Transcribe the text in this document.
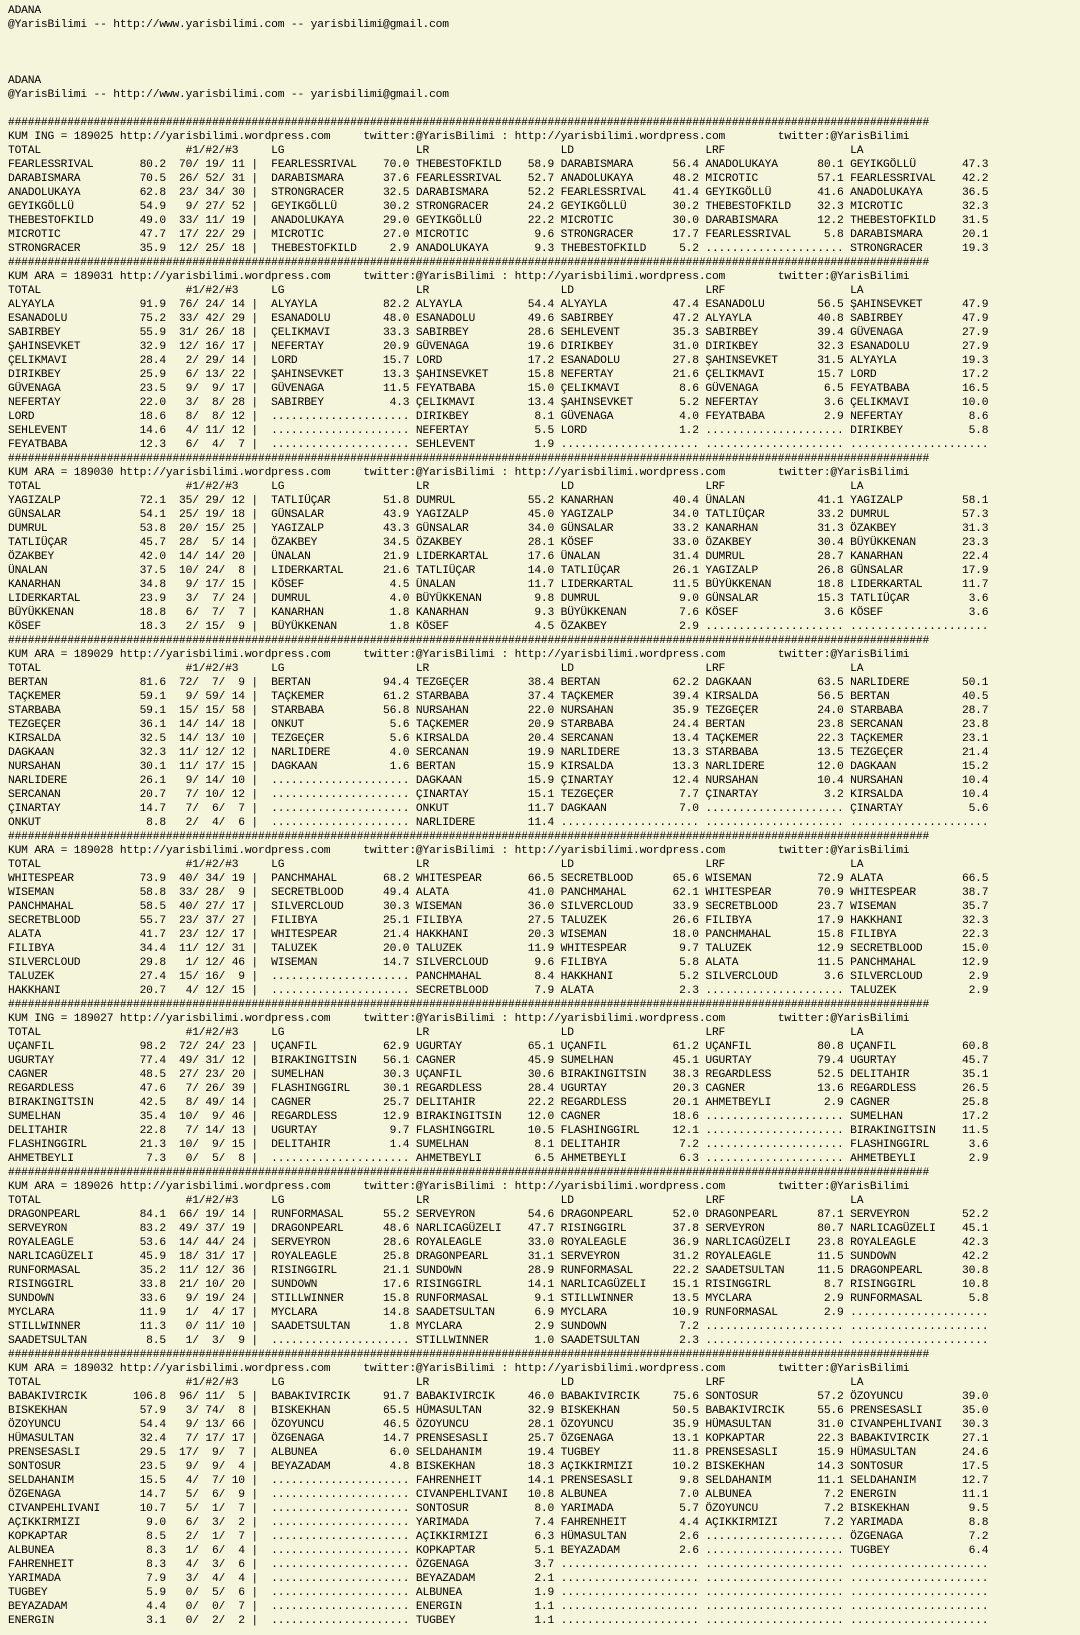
ADANA
@YarisBilimi -- http://www.yarisbilimi.com -- yarisbilimi@gmail.com

ADANA
@YarisBilimi -- http://www.yarisbilimi.com -- yarisbilimi@gmail.com

############################################################################################################################################
KUM ING = 189025 http://yarisbilimi.wordpress.com     twitter:@YarisBilimi : http://yarisbilimi.wordpress.com        twitter:@YarisBilimi
TOTAL                      #1/#2/#3     LG                    LR                    LD                    LRF                   LA
FEARLESSRIVAL       80.2  70/ 19/ 11 |  FEARLESSRIVAL    70.0 THEBESTOFKILD    58.9 DARABISMARA      56.4 ANADOLUKAYA      80.1 GEYIKGÖLLÜ       47.3
DARABISMARA         70.5  26/ 52/ 31 |  DARABISMARA      37.6 FEARLESSRIVAL    52.7 ANADOLUKAYA      48.2 MICROTIC         57.1 FEARLESSRIVAL    42.2
ANADOLUKAYA         62.8  23/ 34/ 30 |  STRONGRACER      32.5 DARABISMARA      52.2 FEARLESSRIVAL    41.4 GEYIKGÖLLÜ       41.6 ANADOLUKAYA      36.5
GEYIKGÖLLÜ          54.9   9/ 27/ 52 |  GEYIKGÖLLÜ       30.2 STRONGRACER      24.2 GEYIKGÖLLÜ       30.2 THEBESTOFKILD    32.3 MICROTIC         32.3
THEBESTOFKILD       49.0  33/ 11/ 19 |  ANADOLUKAYA      29.0 GEYIKGÖLLÜ       22.2 MICROTIC         30.0 DARABISMARA      12.2 THEBESTOFKILD    31.5
MICROTIC            47.7  17/ 22/ 29 |  MICROTIC         27.0 MICROTIC          9.6 STRONGRACER      17.7 FEARLESSRIVAL     5.8 DARABISMARA      20.1
STRONGRACER         35.9  12/ 25/ 18 |  THEBESTOFKILD     2.9 ANADOLUKAYA       9.3 THEBESTOFKILD     5.2 ..................... STRONGRACER      19.3
############################################################################################################################################
KUM ARA = 189031 http://yarisbilimi.wordpress.com     twitter:@YarisBilimi : http://yarisbilimi.wordpress.com        twitter:@YarisBilimi
TOTAL                      #1/#2/#3     LG                    LR                    LD                    LRF                   LA
ALYAYLA             91.9  76/ 24/ 14 |  ALYAYLA          82.2 ALYAYLA          54.4 ALYAYLA          47.4 ESANADOLU        56.5 ŞAHINSEVKET      47.9
ESANADOLU           75.2  33/ 42/ 29 |  ESANADOLU        48.0 ESANADOLU        49.6 SABIRBEY         47.2 ALYAYLA          40.8 SABIRBEY         47.9
SABIRBEY            55.9  31/ 26/ 18 |  ÇELIKMAVI        33.3 SABIRBEY         28.6 SEHLEVENT        35.3 SABIRBEY         39.4 GÜVENAGA         27.9
ŞAHINSEVKET         32.9  12/ 16/ 17 |  NEFERTAY         20.9 GÜVENAGA         19.6 DIRIKBEY         31.0 DIRIKBEY         32.3 ESANADOLU        27.9
ÇELIKMAVI           28.4   2/ 29/ 14 |  LORD             15.7 LORD             17.2 ESANADOLU        27.8 ŞAHINSEVKET      31.5 ALYAYLA          19.3
DIRIKBEY            25.9   6/ 13/ 22 |  ŞAHINSEVKET      13.3 ŞAHINSEVKET      15.8 NEFERTAY         21.6 ÇELIKMAVI        15.7 LORD             17.2
GÜVENAGA            23.5   9/  9/ 17 |  GÜVENAGA         11.5 FEYATBABA        15.0 ÇELIKMAVI         8.6 GÜVENAGA          6.5 FEYATBABA        16.5
NEFERTAY            22.0   3/  8/ 28 |  SABIRBEY          4.3 ÇELIKMAVI        13.4 ŞAHINSEVKET       5.2 NEFERTAY          3.6 ÇELIKMAVI        10.0
LORD                18.6   8/  8/ 12 |  ..................... DIRIKBEY          8.1 GÜVENAGA          4.0 FEYATBABA         2.9 NEFERTAY          8.6
SEHLEVENT           14.6   4/ 11/ 12 |  ..................... NEFERTAY          5.5 LORD              1.2 ..................... DIRIKBEY          5.8
FEYATBABA           12.3   6/  4/  7 |  ..................... SEHLEVENT         1.9 ..................... ..................... .....................
############################################################################################################################################
KUM ARA = 189030 http://yarisbilimi.wordpress.com     twitter:@YarisBilimi : http://yarisbilimi.wordpress.com        twitter:@YarisBilimi
TOTAL                      #1/#2/#3     LG                    LR                    LD                    LRF                   LA
YAGIZALP            72.1  35/ 29/ 12 |  TATLIÜÇAR        51.8 DUMRUL           55.2 KANARHAN         40.4 ÜNALAN           41.1 YAGIZALP         58.1
GÜNSALAR            54.1  25/ 19/ 18 |  GÜNSALAR         43.9 YAGIZALP         45.0 YAGIZALP         34.0 TATLIÜÇAR        33.2 DUMRUL           57.3
DUMRUL              53.8  20/ 15/ 25 |  YAGIZALP         43.3 GÜNSALAR         34.0 GÜNSALAR         33.2 KANARHAN         31.3 ÖZAKBEY          31.3
TATLIÜÇAR           45.7  28/  5/ 14 |  ÖZAKBEY          34.5 ÖZAKBEY          28.1 KÖSEF            33.0 ÖZAKBEY          30.4 BÜYÜKKENAN       23.3
ÖZAKBEY             42.0  14/ 14/ 20 |  ÜNALAN           21.9 LIDERKARTAL      17.6 ÜNALAN           31.4 DUMRUL           28.7 KANARHAN         22.4
ÜNALAN              37.5  10/ 24/  8 |  LIDERKARTAL      21.6 TATLIÜÇAR        14.0 TATLIÜÇAR        26.1 YAGIZALP         26.8 GÜNSALAR         17.9
KANARHAN            34.8   9/ 17/ 15 |  KÖSEF             4.5 ÜNALAN           11.7 LIDERKARTAL      11.5 BÜYÜKKENAN       18.8 LIDERKARTAL      11.7
LIDERKARTAL         23.9   3/  7/ 24 |  DUMRUL            4.0 BÜYÜKKENAN        9.8 DUMRUL            9.0 GÜNSALAR         15.3 TATLIÜÇAR         3.6
BÜYÜKKENAN          18.8   6/  7/  7 |  KANARHAN          1.8 KANARHAN          9.3 BÜYÜKKENAN        7.6 KÖSEF             3.6 KÖSEF             3.6
KÖSEF               18.3   2/ 15/  9 |  BÜYÜKKENAN        1.8 KÖSEF             4.5 ÖZAKBEY           2.9 ..................... .....................
############################################################################################################################################
KUM ARA = 189029 http://yarisbilimi.wordpress.com     twitter:@YarisBilimi : http://yarisbilimi.wordpress.com        twitter:@YarisBilimi
TOTAL                      #1/#2/#3     LG                    LR                    LD                    LRF                   LA
BERTAN              81.6  72/  7/  9 |  BERTAN           94.4 TEZGEÇER         38.4 BERTAN           62.2 DAGKAAN          63.5 NARLIDERE        50.1
TAÇKEMER            59.1   9/ 59/ 14 |  TAÇKEMER         61.2 STARBABA         37.4 TAÇKEMER         39.4 KIRSALDA         56.5 BERTAN           40.5
STARBABA            59.1  15/ 15/ 58 |  STARBABA         56.8 NURSAHAN         22.0 NURSAHAN         35.9 TEZGEÇER         24.0 STARBABA         28.7
TEZGEÇER            36.1  14/ 14/ 18 |  ONKUT             5.6 TAÇKEMER         20.9 STARBABA         24.4 BERTAN           23.8 SERCANAN         23.8
KIRSALDA            32.5  14/ 13/ 10 |  TEZGEÇER          5.6 KIRSALDA         20.4 SERCANAN         13.4 TAÇKEMER         22.3 TAÇKEMER         23.1
DAGKAAN             32.3  11/ 12/ 12 |  NARLIDERE         4.0 SERCANAN         19.9 NARLIDERE        13.3 STARBABA         13.5 TEZGEÇER         21.4
NURSAHAN            30.1  11/ 17/ 15 |  DAGKAAN           1.6 BERTAN           15.9 KIRSALDA         13.3 NARLIDERE        12.0 DAGKAAN          15.2
NARLIDERE           26.1   9/ 14/ 10 |  ..................... DAGKAAN          15.9 ÇINARTAY         12.4 NURSAHAN         10.4 NURSAHAN         10.4
SERCANAN            20.7   7/ 10/ 12 |  ..................... ÇINARTAY         15.1 TEZGEÇER          7.7 ÇINARTAY          3.2 KIRSALDA         10.4
ÇINARTAY            14.7   7/  6/  7 |  ..................... ONKUT            11.7 DAGKAAN           7.0 ..................... ÇINARTAY          5.6
ONKUT                8.8   2/  4/  6 |  ..................... NARLIDERE        11.4 ..................... ..................... .....................
############################################################################################################################################
KUM ARA = 189028 http://yarisbilimi.wordpress.com     twitter:@YarisBilimi : http://yarisbilimi.wordpress.com        twitter:@YarisBilimi
TOTAL                      #1/#2/#3     LG                    LR                    LD                    LRF                   LA
WHITESPEAR          73.9  40/ 34/ 19 |  PANCHMAHAL       68.2 WHITESPEAR       66.5 SECRETBLOOD      65.6 WISEMAN          72.9 ALATA            66.5
WISEMAN             58.8  33/ 28/  9 |  SECRETBLOOD      49.4 ALATA            41.0 PANCHMAHAL       62.1 WHITESPEAR       70.9 WHITESPEAR       38.7
PANCHMAHAL          58.5  40/ 27/ 17 |  SILVERCLOUD      30.3 WISEMAN          36.0 SILVERCLOUD      33.9 SECRETBLOOD      23.7 WISEMAN          35.7
SECRETBLOOD         55.7  23/ 37/ 27 |  FILIBYA          25.1 FILIBYA          27.5 TALUZEK          26.6 FILIBYA          17.9 HAKKHANI         32.3
ALATA               41.7  23/ 12/ 17 |  WHITESPEAR       21.4 HAKKHANI         20.3 WISEMAN          18.0 PANCHMAHAL       15.8 FILIBYA          22.3
FILIBYA             34.4  11/ 12/ 31 |  TALUZEK          20.0 TALUZEK          11.9 WHITESPEAR        9.7 TALUZEK          12.9 SECRETBLOOD      15.0
SILVERCLOUD         29.8   1/ 12/ 46 |  WISEMAN          14.7 SILVERCLOUD       9.6 FILIBYA           5.8 ALATA            11.5 PANCHMAHAL       12.9
TALUZEK             27.4  15/ 16/  9 |  ..................... PANCHMAHAL        8.4 HAKKHANI          5.2 SILVERCLOUD       3.6 SILVERCLOUD       2.9
HAKKHANI            20.7   4/ 12/ 15 |  ..................... SECRETBLOOD       7.9 ALATA             2.3 ..................... TALUZEK           2.9
############################################################################################################################################
KUM ING = 189027 http://yarisbilimi.wordpress.com     twitter:@YarisBilimi : http://yarisbilimi.wordpress.com        twitter:@YarisBilimi
TOTAL                      #1/#2/#3     LG                    LR                    LD                    LRF                   LA
UÇANFIL             98.2  72/ 24/ 23 |  UÇANFIL          62.9 UGURTAY          65.1 UÇANFIL          61.2 UÇANFIL          80.8 UÇANFIL          60.8
UGURTAY             77.4  49/ 31/ 12 |  BIRAKINGITSIN    56.1 CAGNER           45.9 SUMELHAN         45.1 UGURTAY          79.4 UGURTAY          45.7
CAGNER              48.5  27/ 23/ 20 |  SUMELHAN         30.3 UÇANFIL          30.6 BIRAKINGITSIN    38.3 REGARDLESS       52.5 DELITAHIR        35.1
REGARDLESS          47.6   7/ 26/ 39 |  FLASHINGGIRL     30.1 REGARDLESS       28.4 UGURTAY          20.3 CAGNER           13.6 REGARDLESS       26.5
BIRAKINGITSIN       42.5   8/ 49/ 14 |  CAGNER           25.7 DELITAHIR        22.2 REGARDLESS       20.1 AHMETBEYLI        2.9 CAGNER           25.8
SUMELHAN            35.4  10/  9/ 46 |  REGARDLESS       12.9 BIRAKINGITSIN    12.0 CAGNER           18.6 ..................... SUMELHAN         17.2
DELITAHIR           22.8   7/ 14/ 13 |  UGURTAY           9.7 FLASHINGGIRL     10.5 FLASHINGGIRL     12.1 ..................... BIRAKINGITSIN    11.5
FLASHINGGIRL        21.3  10/  9/ 15 |  DELITAHIR         1.4 SUMELHAN          8.1 DELITAHIR         7.2 ..................... FLASHINGGIRL      3.6
AHMETBEYLI           7.3   0/  5/  8 |  ..................... AHMETBEYLI        6.5 AHMETBEYLI        6.3 ..................... AHMETBEYLI        2.9
############################################################################################################################################
KUM ARA = 189026 http://yarisbilimi.wordpress.com     twitter:@YarisBilimi : http://yarisbilimi.wordpress.com        twitter:@YarisBilimi
TOTAL                      #1/#2/#3     LG                    LR                    LD                    LRF                   LA
DRAGONPEARL         84.1  66/ 19/ 14 |  RUNFORMASAL      55.2 SERVEYRON        54.6 DRAGONPEARL      52.0 DRAGONPEARL      87.1 SERVEYRON        52.2
SERVEYRON           83.2  49/ 37/ 19 |  DRAGONPEARL      48.6 NARLICAGÜZELI    47.7 RISINGGIRL       37.8 SERVEYRON        80.7 NARLICAGÜZELI    45.1
ROYALEAGLE          53.6  14/ 44/ 24 |  SERVEYRON        28.6 ROYALEAGLE       33.0 ROYALEAGLE       36.9 NARLICAGÜZELI    23.8 ROYALEAGLE       42.3
NARLICAGÜZELI       45.9  18/ 31/ 17 |  ROYALEAGLE       25.8 DRAGONPEARL      31.1 SERVEYRON        31.2 ROYALEAGLE       11.5 SUNDOWN          42.2
RUNFORMASAL         35.2  11/ 12/ 36 |  RISINGGIRL       21.1 SUNDOWN          28.9 RUNFORMASAL      22.2 SAADETSULTAN     11.5 DRAGONPEARL      30.8
RISINGGIRL          33.8  21/ 10/ 20 |  SUNDOWN          17.6 RISINGGIRL       14.1 NARLICAGÜZELI    15.1 RISINGGIRL        8.7 RISINGGIRL       10.8
SUNDOWN             33.6   9/ 19/ 24 |  STILLWINNER      15.8 RUNFORMASAL       9.1 STILLWINNER      13.5 MYCLARA           2.9 RUNFORMASAL       5.8
MYCLARA             11.9   1/  4/ 17 |  MYCLARA          14.8 SAADETSULTAN      6.9 MYCLARA          10.9 RUNFORMASAL       2.9 .....................
STILLWINNER         11.3   0/ 11/ 10 |  SAADETSULTAN      1.8 MYCLARA           2.9 SUNDOWN           7.2 ..................... .....................
SAADETSULTAN         8.5   1/  3/  9 |  ..................... STILLWINNER       1.0 SAADETSULTAN      2.3 ..................... .....................
############################################################################################################################################
KUM ARA = 189032 http://yarisbilimi.wordpress.com     twitter:@YarisBilimi : http://yarisbilimi.wordpress.com        twitter:@YarisBilimi
TOTAL                      #1/#2/#3     LG                    LR                    LD                    LRF                   LA
BABAKIVIRCIK       106.8  96/ 11/  5 |  BABAKIVIRCIK     91.7 BABAKIVIRCIK     46.0 BABAKIVIRCIK     75.6 SONTOSUR         57.2 ÖZOYUNCU         39.0
BISKEKHAN           57.9   3/ 74/  8 |  BISKEKHAN        65.5 HÜMASULTAN       32.9 BISKEKHAN        50.5 BABAKIVIRCIK     55.6 PRENSESASLI      35.0
ÖZOYUNCU            54.4   9/ 13/ 66 |  ÖZOYUNCU         46.5 ÖZOYUNCU         28.1 ÖZOYUNCU         35.9 HÜMASULTAN       31.0 CIVANPEHLIVANI   30.3
HÜMASULTAN          32.4   7/ 17/ 17 |  ÖZGENAGA         14.7 PRENSESASLI      25.7 ÖZGENAGA         13.1 KOPKAPTAR        22.3 BABAKIVIRCIK     27.1
PRENSESASLI         29.5  17/  9/  7 |  ALBUNEA           6.0 SELDAHANIM       19.4 TUGBEY           11.8 PRENSESASLI      15.9 HÜMASULTAN       24.6
SONTOSUR            23.5   9/  9/  4 |  BEYAZADAM         4.8 BISKEKHAN        18.3 AÇIKKIRMIZI      10.2 BISKEKHAN        14.3 SONTOSUR         17.5
SELDAHANIM          15.5   4/  7/ 10 |  ..................... FAHRENHEIT       14.1 PRENSESASLI       9.8 SELDAHANIM       11.1 SELDAHANIM       12.7
ÖZGENAGA            14.7   5/  6/  9 |  ..................... CIVANPEHLIVANI   10.8 ALBUNEA           7.0 ALBUNEA           7.2 ENERGIN          11.1
CIVANPEHLIVANI      10.7   5/  1/  7 |  ..................... SONTOSUR          8.0 YARIMADA          5.7 ÖZOYUNCU          7.2 BISKEKHAN         9.5
AÇIKKIRMIZI          9.0   6/  3/  2 |  ..................... YARIMADA          7.4 FAHRENHEIT        4.4 AÇIKKIRMIZI       7.2 YARIMADA          8.8
KOPKAPTAR            8.5   2/  1/  7 |  ..................... AÇIKKIRMIZI       6.3 HÜMASULTAN        2.6 ..................... ÖZGENAGA          7.2
ALBUNEA              8.3   1/  6/  4 |  ..................... KOPKAPTAR         5.1 BEYAZADAM         2.6 ..................... TUGBEY            6.4
FAHRENHEIT           8.3   4/  3/  6 |  ..................... ÖZGENAGA          3.7 ..................... ..................... .....................
YARIMADA             7.9   3/  4/  4 |  ..................... BEYAZADAM         2.1 ..................... ..................... .....................
TUGBEY               5.9   0/  5/  6 |  ..................... ALBUNEA           1.9 ..................... ..................... .....................
BEYAZADAM            4.4   0/  0/  7 |  ..................... ENERGIN           1.1 ..................... ..................... .....................
ENERGIN              3.1   0/  2/  2 |  ..................... TUGBEY            1.1 ..................... ..................... .....................
